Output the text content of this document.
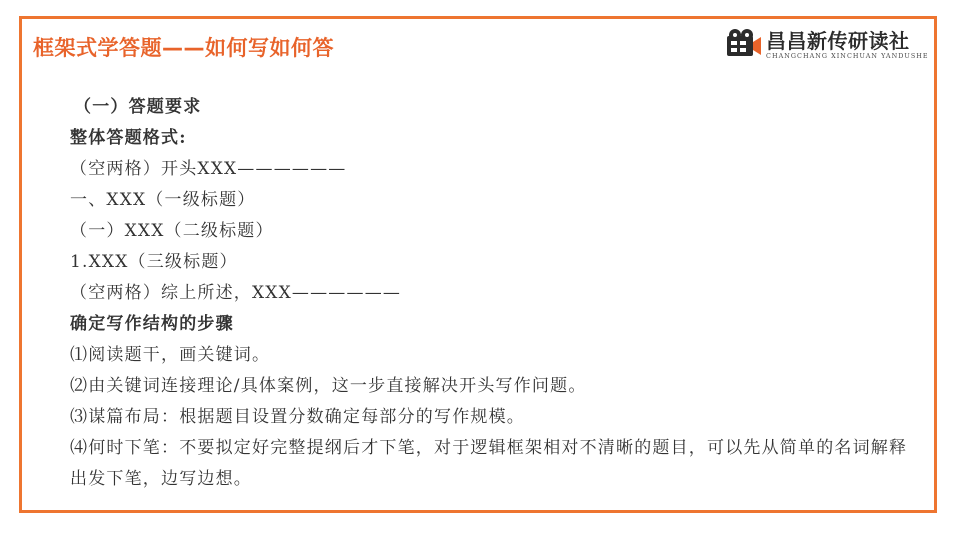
框架式学答题——如何写如何答	昌昌新传研读社
CHANGCHANG XINCHUAN YANDUSHE
（一）答题要求
整体答题格式:
（空两格）开头XXX——————
一、XXX（一级标题）
（一）XXX（二级标题）
1.XXX（三级标题）
（空两格）综上所述，XXX——————
确定写作结构的步骤
⑴阅读题干，画关键词。
⑵由关键词连接理论/具体案例，这一步直接解决开头写作问题。
⑶谋篇布局：根据题目设置分数确定每部分的写作规模。
⑷何时下笔：不要拟定好完整提纲后才下笔，对于逻辑框架相对不清晰的题目，可以先从简单的名词解释出发下笔，边写边想。
